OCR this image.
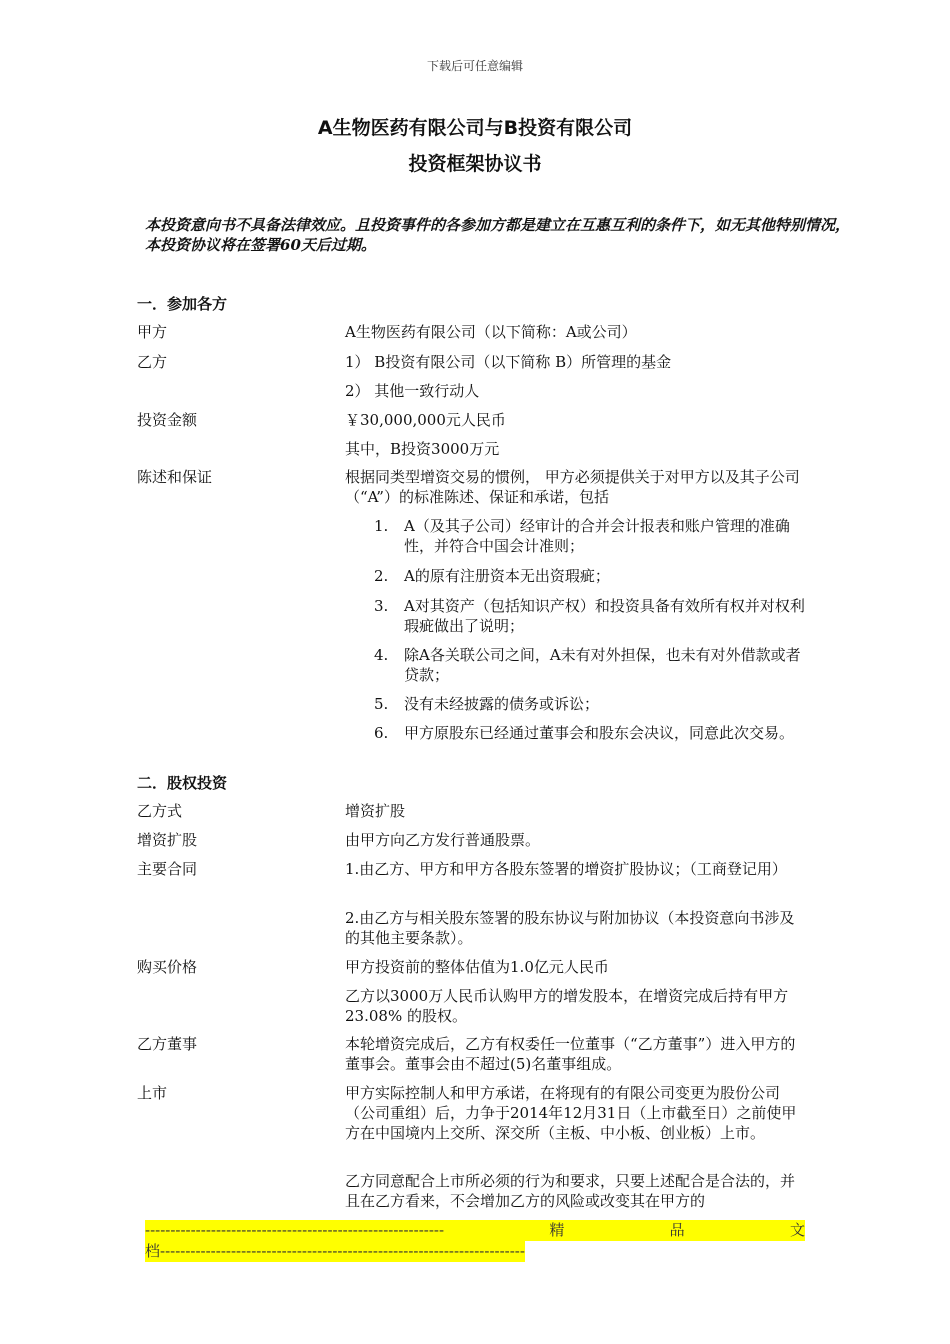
下载后可任意编辑
A生物医药有限公司与B投资有限公司
投资框架协议书
本投资意向书不具备法律效应。且投资事件的各参加方都是建立在互惠互利的条件下，如无其他特别情况，本投资协议将在签署60天后过期。
一．参加各方
甲方	A生物医药有限公司（以下简称：A或公司）
乙方	1） B投资有限公司（以下简称 B）所管理的基金
2） 其他一致行动人
投资金额	￥30,000,000元人民币
其中，B投资3000万元
陈述和保证	根据同类型增资交易的惯例， 甲方必须提供关于对甲方以及其子公司（“A”）的标准陈述、保证和承诺，包括
1.	A（及其子公司）经审计的合并会计报表和账户管理的准确性，并符合中国会计准则；
2.	A的原有注册资本无出资瑕疵；
3.	A对其资产（包括知识产权）和投资具备有效所有权并对权利瑕疵做出了说明；
4.	除A各关联公司之间，A未有对外担保，也未有对外借款或者贷款；
5.	没有未经披露的债务或诉讼；
6.	甲方原股东已经通过董事会和股东会决议，同意此次交易。
二．股权投资
乙方式	增资扩股
增资扩股	由甲方向乙方发行普通股票。
主要合同	1.由乙方、甲方和甲方各股东签署的增资扩股协议；（工商登记用）
2.由乙方与相关股东签署的股东协议与附加协议（本投资意向书涉及的其他主要条款）。
购买价格	甲方投资前的整体估值为1.0亿元人民币
乙方以3000万人民币认购甲方的增发股本，在增资完成后持有甲方23.08% 的股权。
乙方董事	本轮增资完成后，乙方有权委任一位董事（“乙方董事”）进入甲方的董事会。董事会由不超过(5)名董事组成。
上市	甲方实际控制人和甲方承诺，在将现有的有限公司变更为股份公司（公司重组）后，力争于2014年12月31日（上市截至日）之前使甲方在中国境内上交所、深交所（主板、中小板、创业板）上市。
乙方同意配合上市所必须的行为和要求，只要上述配合是合法的，并且在乙方看来，不会增加乙方的风险或改变其在甲方的
-----------------------------------------------------------	精	品	文
档------------------------------------------------------------------------
